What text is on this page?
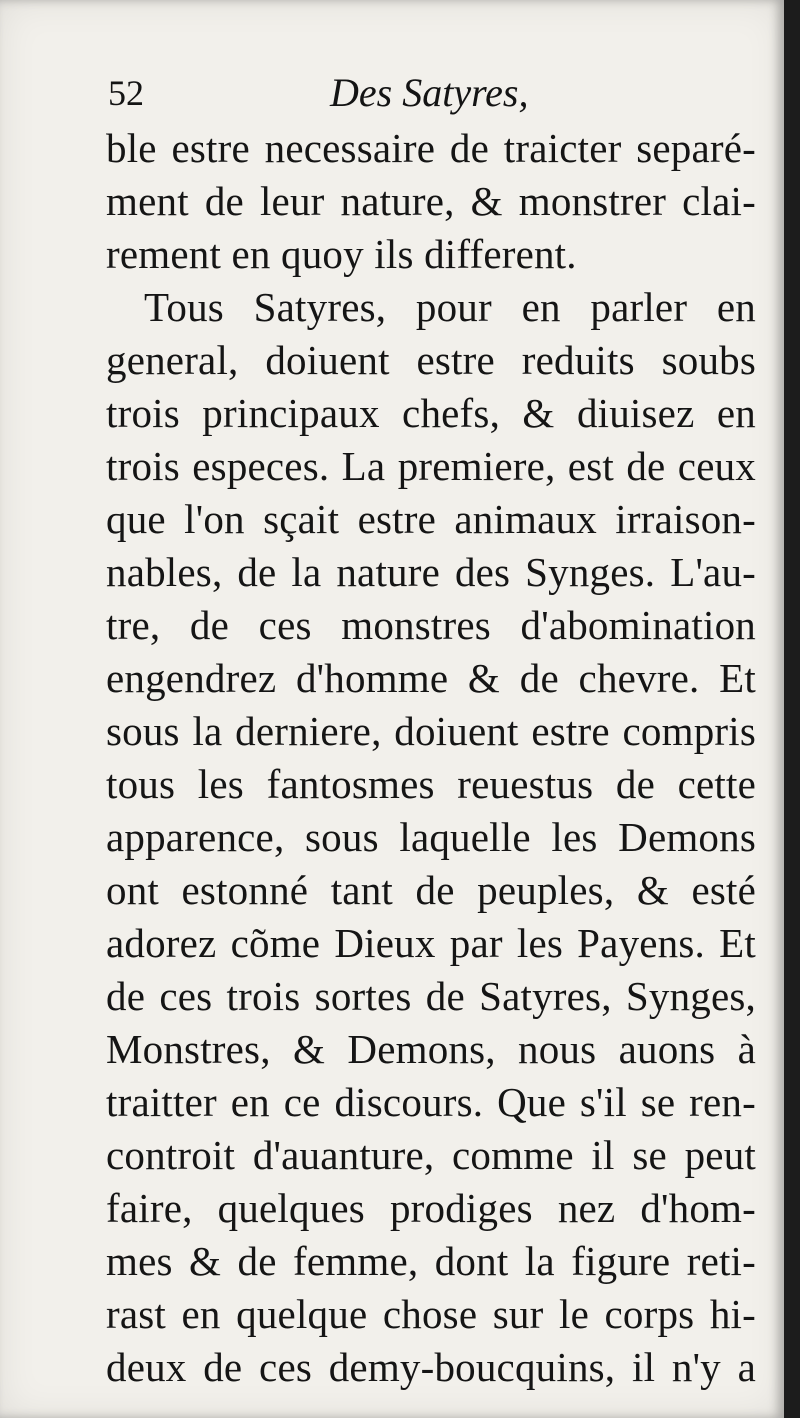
52	Des Satyres,
ble estre necessaire de traicter separé-
ment de leur nature, & monstrer clai-
rement en quoy ils different.
Tous Satyres, pour en parler en
general, doiuent estre reduits soubs
trois principaux chefs, & diuisez en
trois especes. La premiere, est de ceux
que l'on sçait estre animaux irraison-
nables, de la nature des Synges. L'au-
tre, de ces monstres d'abomination
engendrez d'homme & de chevre. Et
sous la derniere, doiuent estre compris
tous les fantosmes reuestus de cette
apparence, sous laquelle les Demons
ont estonné tant de peuples, & esté
adorez cõme Dieux par les Payens. Et
de ces trois sortes de Satyres, Synges,
Monstres, & Demons, nous auons à
traitter en ce discours. Que s'il se ren-
controit d'auanture, comme il se peut
faire, quelques prodiges nez d'hom-
mes & de femme, dont la figure reti-
rast en quelque chose sur le corps hi-
deux de ces demy-boucquins, il n'y a
